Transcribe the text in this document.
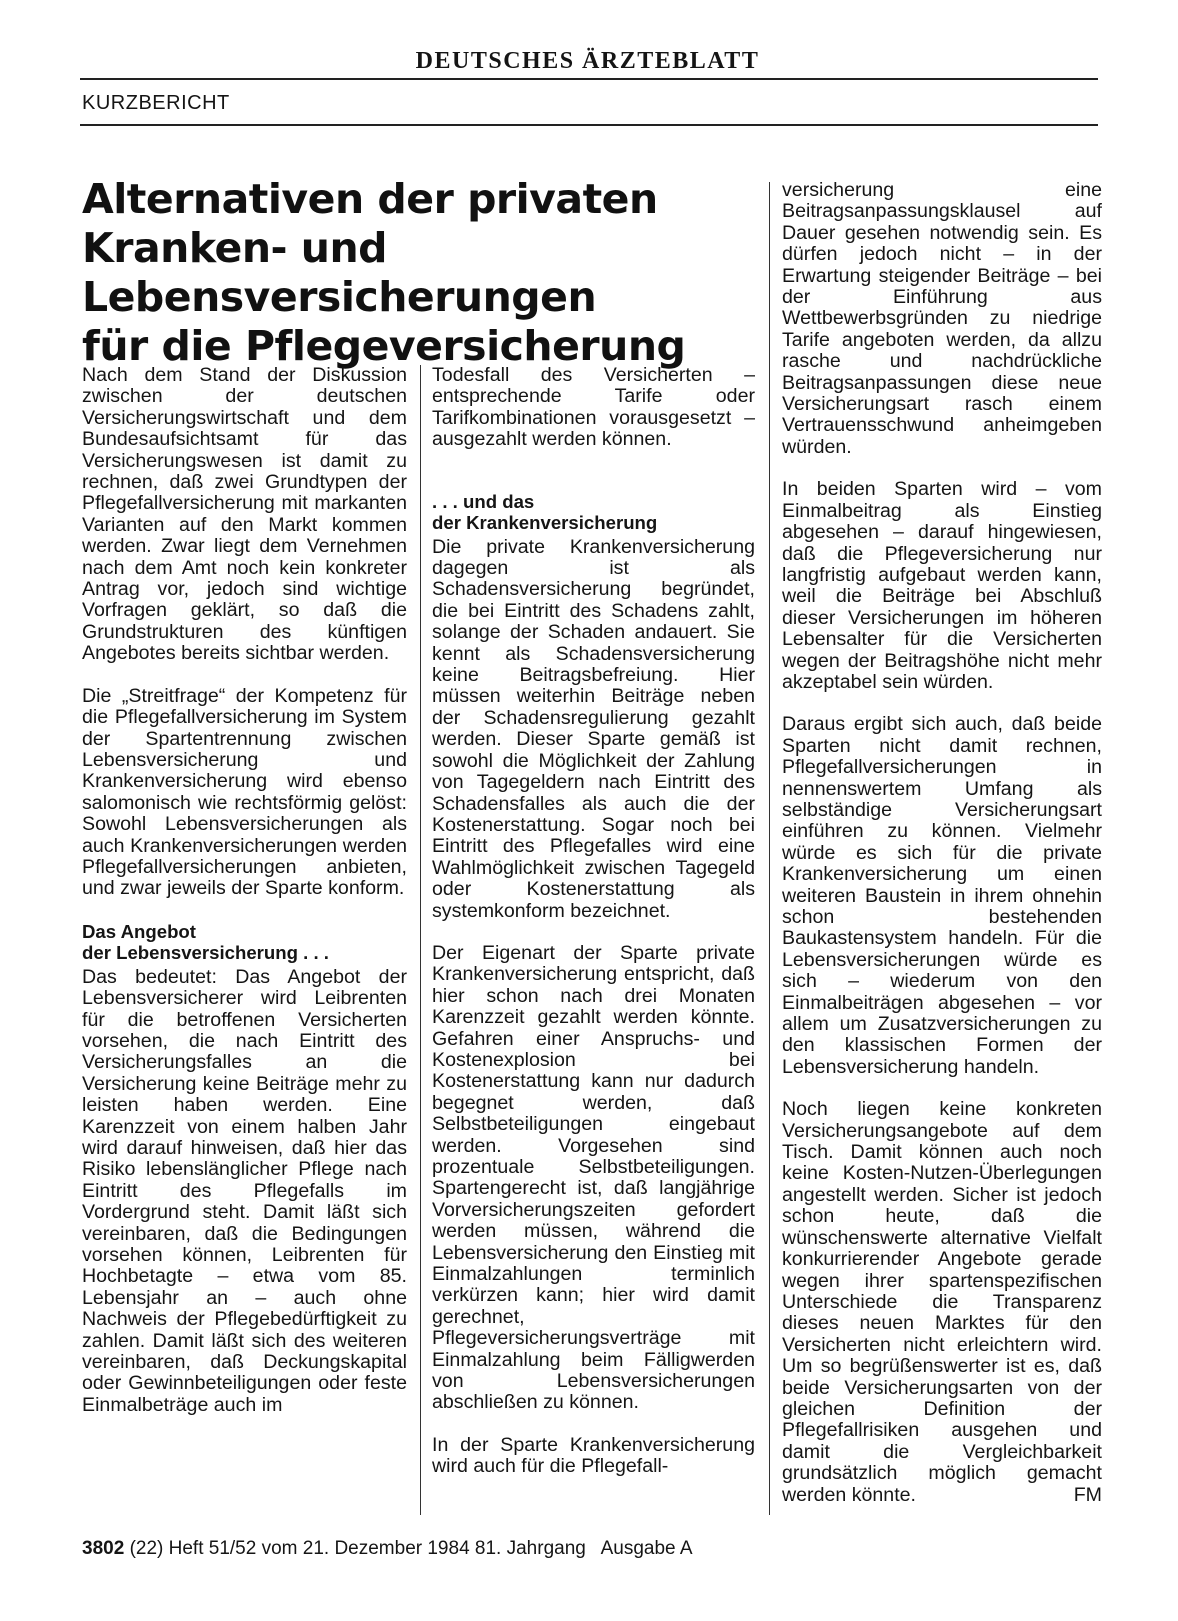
DEUTSCHES ÄRZTEBLATT
KURZBERICHT
Alternativen der privaten
Kranken- und Lebensversicherungen
für die Pflegeversicherung

Nach dem Stand der Diskussion zwischen der deutschen Versicherungswirtschaft und dem Bundesaufsichtsamt für das Versicherungswesen ist damit zu rechnen, daß zwei Grundtypen der Pflegefallversicherung mit markanten Varianten auf den Markt kommen werden. Zwar liegt dem Vernehmen nach dem Amt noch kein konkreter Antrag vor, jedoch sind wichtige Vorfragen geklärt, so daß die Grundstrukturen des künftigen Angebotes bereits sichtbar werden.

Die „Streitfrage“ der Kompetenz für die Pflegefallversicherung im System der Spartentrennung zwischen Lebensversicherung und Krankenversicherung wird ebenso salomonisch wie rechtsförmig gelöst: Sowohl Lebensversicherungen als auch Krankenversicherungen werden Pflegefallversicherungen anbieten, und zwar jeweils der Sparte konform.

Das Angebot
der Lebensversicherung . . .

Das bedeutet: Das Angebot der Lebensversicherer wird Leibrenten für die betroffenen Versicherten vorsehen, die nach Eintritt des Versicherungsfalles an die Versicherung keine Beiträge mehr zu leisten haben werden. Eine Karenzzeit von einem halben Jahr wird darauf hinweisen, daß hier das Risiko lebenslänglicher Pflege nach Eintritt des Pflegefalls im Vordergrund steht. Damit läßt sich vereinbaren, daß die Bedingungen vorsehen können, Leibrenten für Hochbetagte – etwa vom 85. Lebensjahr an – auch ohne Nachweis der Pflegebedürftigkeit zu zahlen. Damit läßt sich des weiteren vereinbaren, daß Deckungskapital oder Gewinnbeteiligungen oder feste Einmalbeträge auch im

Todesfall des Versicherten – entsprechende Tarife oder Tarifkombinationen vorausgesetzt – ausgezahlt werden können.

. . . und das
der Krankenversicherung

Die private Krankenversicherung dagegen ist als Schadensversicherung begründet, die bei Eintritt des Schadens zahlt, solange der Schaden andauert. Sie kennt als Schadensversicherung keine Beitragsbefreiung. Hier müssen weiterhin Beiträge neben der Schadensregulierung gezahlt werden. Dieser Sparte gemäß ist sowohl die Möglichkeit der Zahlung von Tagegeldern nach Eintritt des Schadensfalles als auch die der Kostenerstattung. Sogar noch bei Eintritt des Pflegefalles wird eine Wahlmöglichkeit zwischen Tagegeld oder Kostenerstattung als systemkonform bezeichnet.

Der Eigenart der Sparte private Krankenversicherung entspricht, daß hier schon nach drei Monaten Karenzzeit gezahlt werden könnte. Gefahren einer Anspruchs- und Kostenexplosion bei Kostenerstattung kann nur dadurch begegnet werden, daß Selbstbeteiligungen eingebaut werden. Vorgesehen sind prozentuale Selbstbeteiligungen. Spartengerecht ist, daß langjährige Vorversicherungszeiten gefordert werden müssen, während die Lebensversicherung den Einstieg mit Einmalzahlungen terminlich verkürzen kann; hier wird damit gerechnet, Pflegeversicherungsverträge mit Einmalzahlung beim Fälligwerden von Lebensversicherungen abschließen zu können.

In der Sparte Krankenversicherung wird auch für die Pflegefall-

versicherung eine Beitragsanpassungsklausel auf Dauer gesehen notwendig sein. Es dürfen jedoch nicht – in der Erwartung steigender Beiträge – bei der Einführung aus Wettbewerbsgründen zu niedrige Tarife angeboten werden, da allzu rasche und nachdrückliche Beitragsanpassungen diese neue Versicherungsart rasch einem Vertrauensschwund anheimgeben würden.

In beiden Sparten wird – vom Einmalbeitrag als Einstieg abgesehen – darauf hingewiesen, daß die Pflegeversicherung nur langfristig aufgebaut werden kann, weil die Beiträge bei Abschluß dieser Versicherungen im höheren Lebensalter für die Versicherten wegen der Beitragshöhe nicht mehr akzeptabel sein würden.

Daraus ergibt sich auch, daß beide Sparten nicht damit rechnen, Pflegefallversicherungen in nennenswertem Umfang als selbständige Versicherungsart einführen zu können. Vielmehr würde es sich für die private Krankenversicherung um einen weiteren Baustein in ihrem ohnehin schon bestehenden Baukastensystem handeln. Für die Lebensversicherungen würde es sich – wiederum von den Einmalbeiträgen abgesehen – vor allem um Zusatzversicherungen zu den klassischen Formen der Lebensversicherung handeln.

Noch liegen keine konkreten Versicherungsangebote auf dem Tisch. Damit können auch noch keine Kosten-Nutzen-Überlegungen angestellt werden. Sicher ist jedoch schon heute, daß die wünschenswerte alternative Vielfalt konkurrierender Angebote gerade wegen ihrer spartenspezifischen Unterschiede die Transparenz dieses neuen Marktes für den Versicherten nicht erleichtern wird. Um so begrüßenswerter ist es, daß beide Versicherungsarten von der gleichen Definition der Pflegefallrisiken ausgehen und damit die Vergleichbarkeit grundsätzlich möglich gemacht werden könnte.	FM
3802 (22) Heft 51/52 vom 21. Dezember 1984 81. Jahrgang   Ausgabe A
